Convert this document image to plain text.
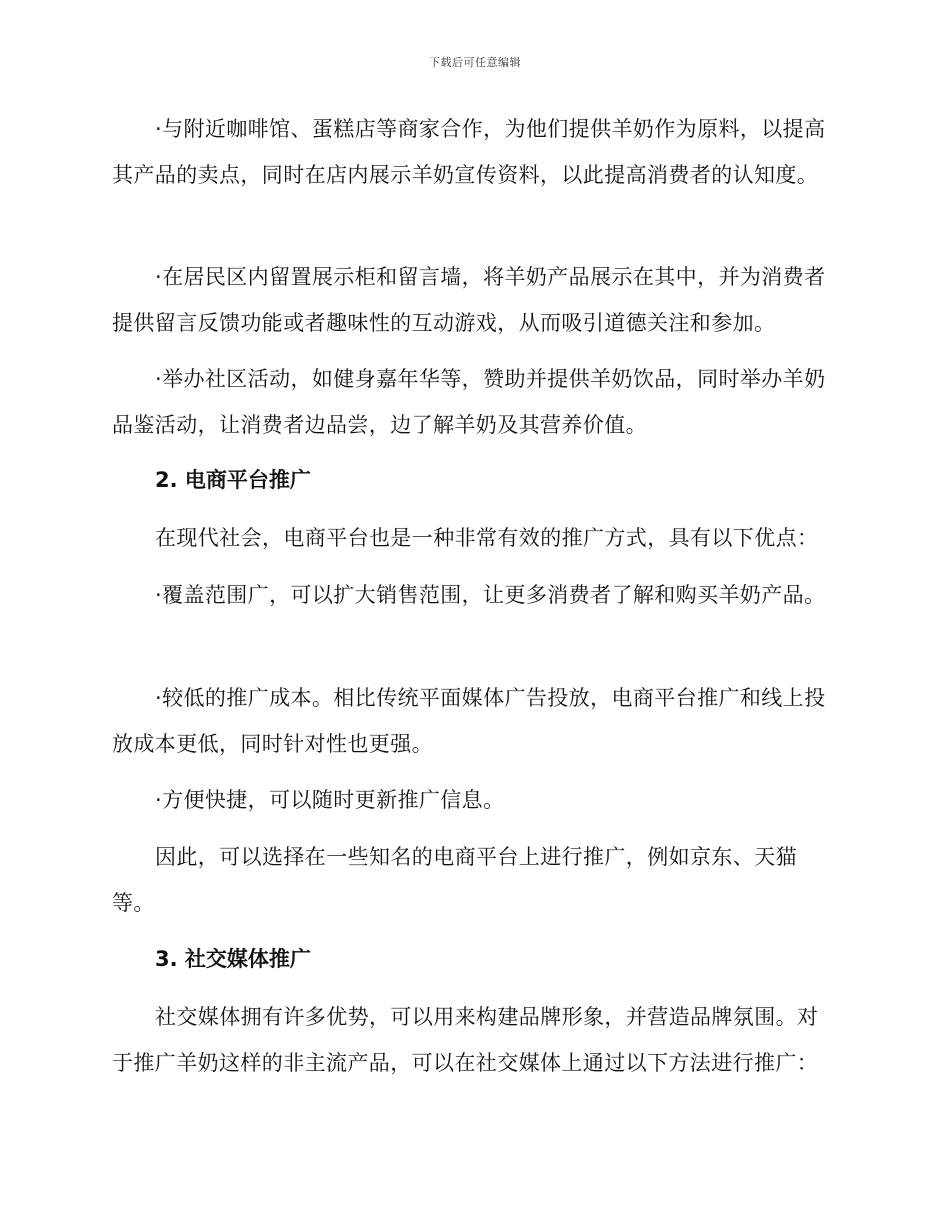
下载后可任意编辑

·与附近咖啡馆、蛋糕店等商家合作，为他们提供羊奶作为原料，以提高其产品的卖点，同时在店内展示羊奶宣传资料，以此提高消费者的认知度。

·在居民区内留置展示柜和留言墙，将羊奶产品展示在其中，并为消费者提供留言反馈功能或者趣味性的互动游戏，从而吸引道德关注和参加。

·举办社区活动，如健身嘉年华等，赞助并提供羊奶饮品，同时举办羊奶品鉴活动，让消费者边品尝，边了解羊奶及其营养价值。

2. 电商平台推广

在现代社会，电商平台也是一种非常有效的推广方式，具有以下优点：

·覆盖范围广，可以扩大销售范围，让更多消费者了解和购买羊奶产品。

·较低的推广成本。相比传统平面媒体广告投放，电商平台推广和线上投放成本更低，同时针对性也更强。

·方便快捷，可以随时更新推广信息。

因此，可以选择在一些知名的电商平台上进行推广，例如京东、天猫等。

3. 社交媒体推广

社交媒体拥有许多优势，可以用来构建品牌形象，并营造品牌氛围。对于推广羊奶这样的非主流产品，可以在社交媒体上通过以下方法进行推广：
